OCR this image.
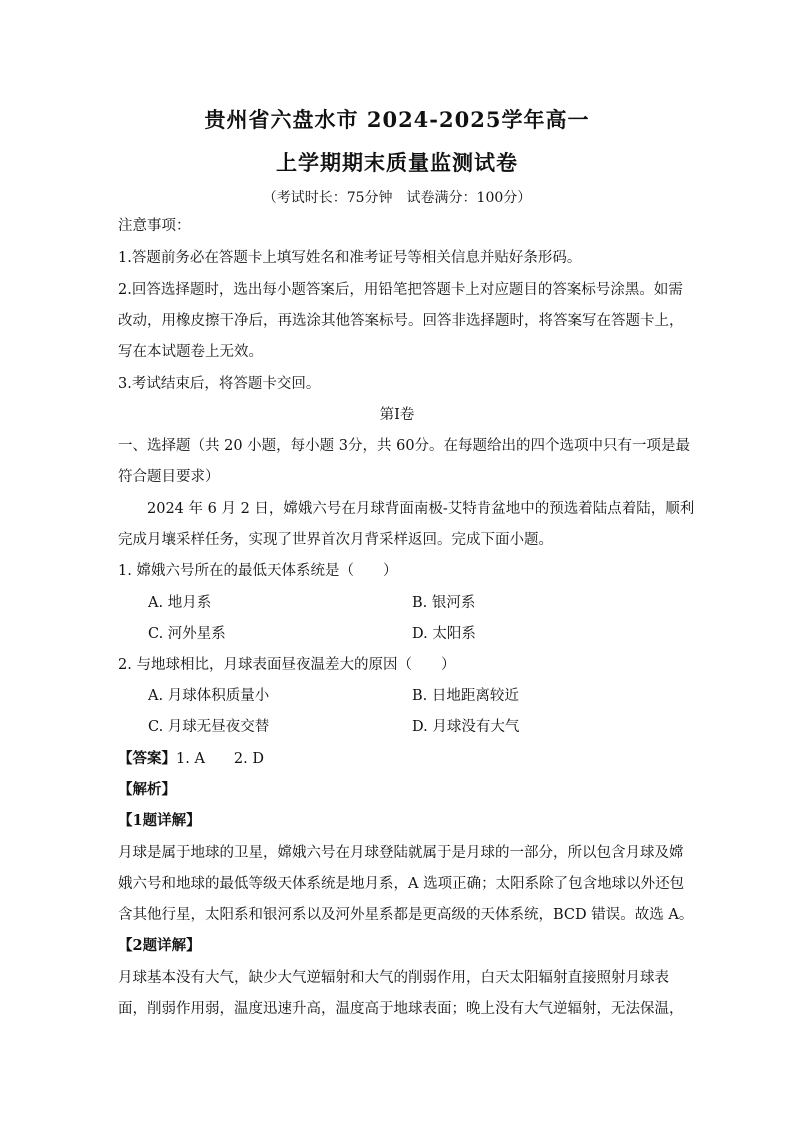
贵州省六盘水市 2024-2025学年高一
上学期期末质量监测试卷
（考试时长：75分钟　试卷满分：100分）
注意事项：
1.答题前务必在答题卡上填写姓名和准考证号等相关信息并贴好条形码。
2.回答选择题时，选出每小题答案后，用铅笔把答题卡上对应题目的答案标号涂黑。如需
改动，用橡皮擦干净后，再选涂其他答案标号。回答非选择题时，将答案写在答题卡上，
写在本试题卷上无效。
3.考试结束后，将答题卡交回。
第Ⅰ卷
一、选择题（共 20 小题，每小题 3分，共 60分。在每题给出的四个选项中只有一项是最
符合题目要求）
2024 年 6 月 2 日，嫦娥六号在月球背面南极-艾特肯盆地中的预选着陆点着陆，顺利
完成月壤采样任务，实现了世界首次月背采样返回。完成下面小题。
1. 嫦娥六号所在的最低天体系统是（　　）
A. 地月系	B. 银河系
C. 河外星系	D. 太阳系
2. 与地球相比，月球表面昼夜温差大的原因（　　）
A. 月球体积质量小	B. 日地距离较近
C. 月球无昼夜交替	D. 月球没有大气
【答案】1. A　　2. D
【解析】
【1题详解】
月球是属于地球的卫星，嫦娥六号在月球登陆就属于是月球的一部分，所以包含月球及嫦
娥六号和地球的最低等级天体系统是地月系，A 选项正确；太阳系除了包含地球以外还包
含其他行星，太阳系和银河系以及河外星系都是更高级的天体系统，BCD 错误。故选 A。
【2题详解】
月球基本没有大气，缺少大气逆辐射和大气的削弱作用，白天太阳辐射直接照射月球表
面，削弱作用弱，温度迅速升高，温度高于地球表面；晚上没有大气逆辐射，无法保温，
